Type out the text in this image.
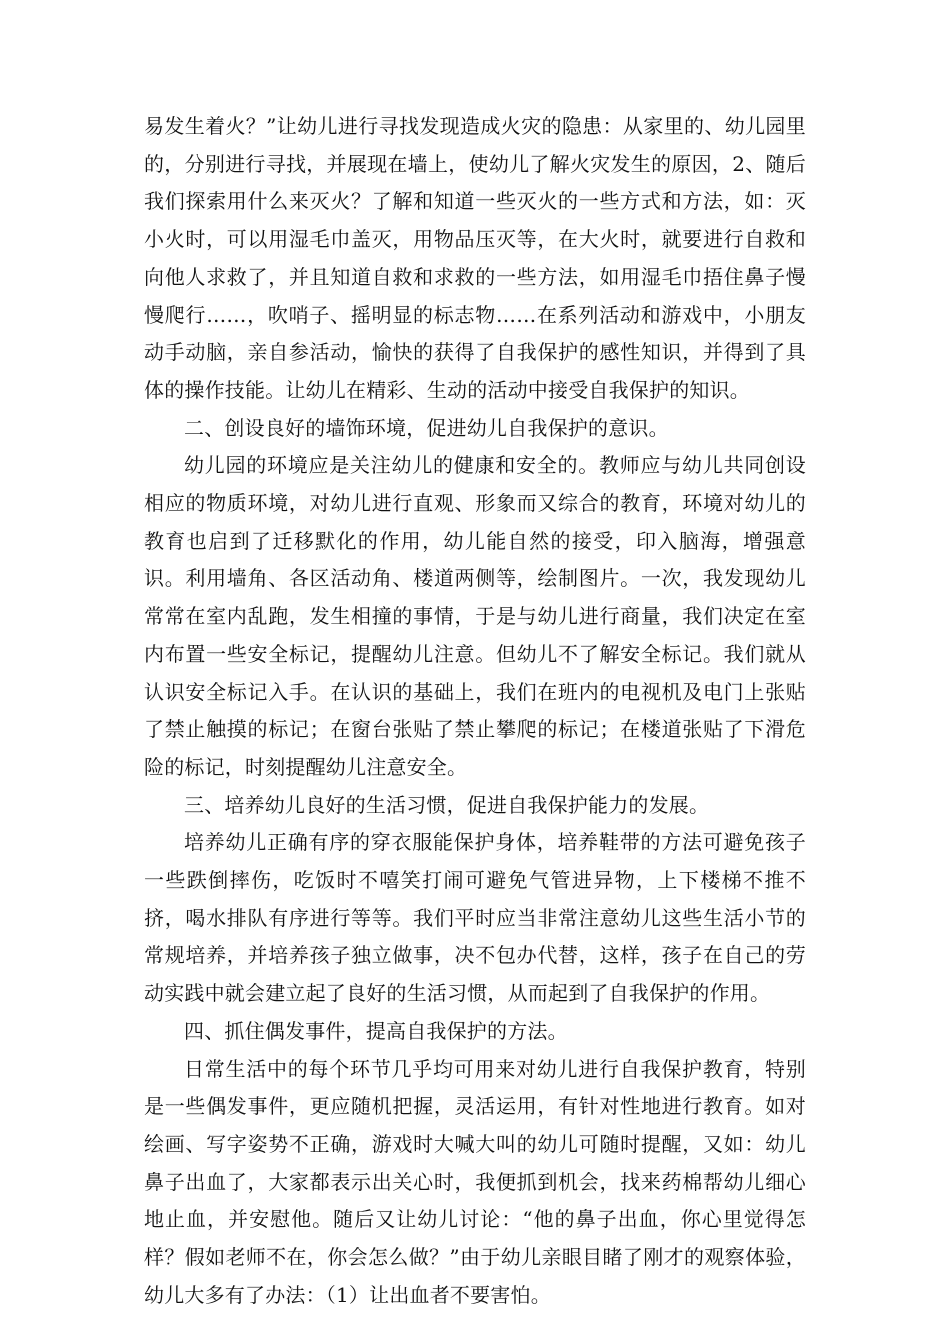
易发生着火？”让幼儿进行寻找发现造成火灾的隐患：从家里的、幼儿园里的，分别进行寻找，并展现在墙上，使幼儿了解火灾发生的原因，2、随后我们探索用什么来灭火？了解和知道一些灭火的一些方式和方法，如：灭小火时，可以用湿毛巾盖灭，用物品压灭等，在大火时，就要进行自救和向他人求救了，并且知道自救和求救的一些方法，如用湿毛巾捂住鼻子慢慢爬行……，吹哨子、摇明显的标志物……在系列活动和游戏中，小朋友动手动脑，亲自参活动，愉快的获得了自我保护的感性知识，并得到了具体的操作技能。让幼儿在精彩、生动的活动中接受自我保护的知识。

二、创设良好的墙饰环境，促进幼儿自我保护的意识。

幼儿园的环境应是关注幼儿的健康和安全的。教师应与幼儿共同创设相应的物质环境，对幼儿进行直观、形象而又综合的教育，环境对幼儿的教育也启到了迁移默化的作用，幼儿能自然的接受，印入脑海，增强意识。利用墙角、各区活动角、楼道两侧等，绘制图片。一次，我发现幼儿常常在室内乱跑，发生相撞的事情，于是与幼儿进行商量，我们决定在室内布置一些安全标记，提醒幼儿注意。但幼儿不了解安全标记。我们就从认识安全标记入手。在认识的基础上，我们在班内的电视机及电门上张贴了禁止触摸的标记；在窗台张贴了禁止攀爬的标记；在楼道张贴了下滑危险的标记，时刻提醒幼儿注意安全。

三、培养幼儿良好的生活习惯，促进自我保护能力的发展。

培养幼儿正确有序的穿衣服能保护身体，培养鞋带的方法可避免孩子一些跌倒摔伤，吃饭时不嘻笑打闹可避免气管进异物，上下楼梯不推不挤，喝水排队有序进行等等。我们平时应当非常注意幼儿这些生活小节的常规培养，并培养孩子独立做事，决不包办代替，这样，孩子在自己的劳动实践中就会建立起了良好的生活习惯，从而起到了自我保护的作用。

四、抓住偶发事件，提高自我保护的方法。

日常生活中的每个环节几乎均可用来对幼儿进行自我保护教育，特别是一些偶发事件，更应随机把握，灵活运用，有针对性地进行教育。如对绘画、写字姿势不正确，游戏时大喊大叫的幼儿可随时提醒，又如：幼儿鼻子出血了，大家都表示出关心时，我便抓到机会，找来药棉帮幼儿细心地止血，并安慰他。随后又让幼儿讨论：“他的鼻子出血，你心里觉得怎样？假如老师不在，你会怎么做？”由于幼儿亲眼目睹了刚才的观察体验，幼儿大多有了办法：（1）让出血者不要害怕。
